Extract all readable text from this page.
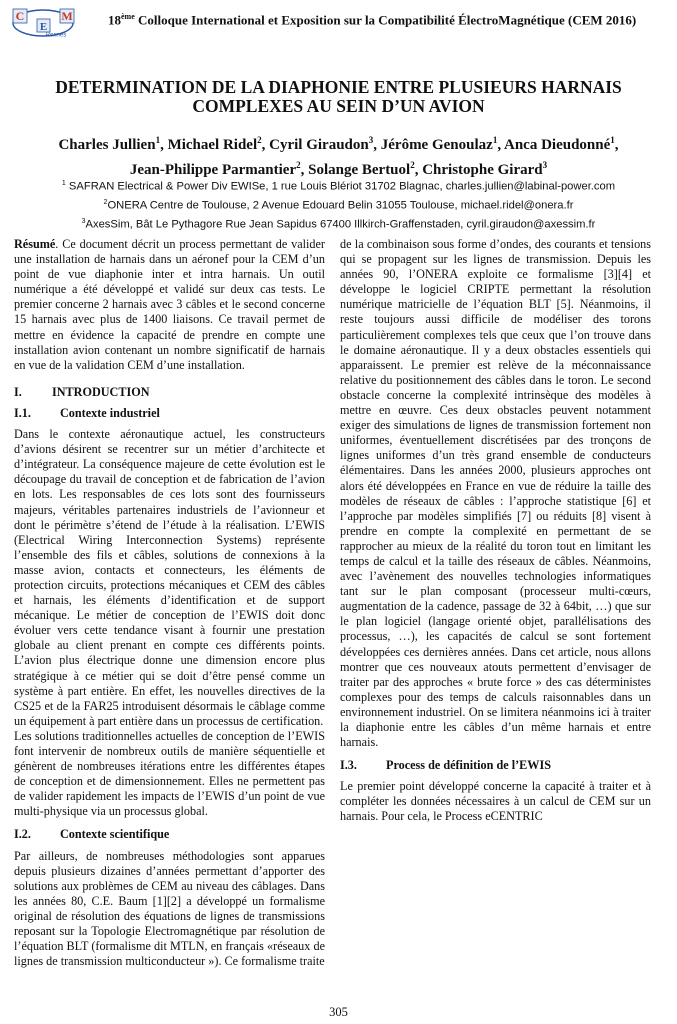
C
E
M
Rennes
18ème Colloque International et Exposition sur la Compatibilité ÉlectroMagnétique (CEM 2016)
DETERMINATION DE LA DIAPHONIE ENTRE PLUSIEURS HARNAIS
COMPLEXES AU SEIN D’UN AVION
Charles Jullien$^1$, Michael Ridel$^2$, Cyril Giraudon$^3$, Jérôme Genoulaz$^1$, Anca Dieudonné$^1$,
Jean-Philippe Parmantier$^2$, Solange Bertuol$^2$, Christophe Girard$^3$
$^1$ SAFRAN Electrical & Power Div EWISe, 1 rue Louis Blériot 31702 Blagnac, charles.jullien@labinal-power.com
$^2$ONERA Centre de Toulouse, 2 Avenue Edouard Belin 31055 Toulouse, michael.ridel@onera.fr
$^3$AxesSim, Bât Le Pythagore Rue Jean Sapidus 67400 Illkirch-Graffenstaden, cyril.giraudon@axessim.fr

Résumé. Ce document décrit un process permettant de valider une installation de harnais dans un aéronef pour la CEM d’un point de vue diaphonie inter et intra harnais. Un outil numérique a été développé et validé sur deux cas tests. Le premier concerne 2 harnais avec 3 câbles et le second concerne 15 harnais avec plus de 1400 liaisons. Ce travail permet de mettre en évidence la capacité de prendre en compte une installation avion contenant un nombre significatif de harnais en vue de la validation CEM d’une installation.

I. INTRODUCTION
I.1. Contexte industriel

Dans le contexte aéronautique actuel, les constructeurs d’avions désirent se recentrer sur un métier d’architecte et d’intégrateur. La conséquence majeure de cette évolution est le découpage du travail de conception et de fabrication de l’avion en lots. Les responsables de ces lots sont des fournisseurs majeurs, véritables partenaires industriels de l’avionneur et dont le périmètre s’étend de l’étude à la réalisation. L’EWIS (Electrical Wiring Interconnection Systems) représente l’ensemble des fils et câbles, solutions de connexions à la masse avion, contacts et connecteurs, les éléments de protection circuits, protections mécaniques et CEM des câbles et harnais, les éléments d’identification et de support mécanique. Le métier de conception de l’EWIS doit donc évoluer vers cette tendance visant à fournir une prestation globale au client prenant en compte ces différents points. L’avion plus électrique donne une dimension encore plus stratégique à ce métier qui se doit d’être pensé comme un système à part entière. En effet, les nouvelles directives de la CS25 et de la FAR25 introduisent désormais le câblage comme un équipement à part entière dans un processus de certification.

Les solutions traditionnelles actuelles de conception de l’EWIS font intervenir de nombreux outils de manière séquentielle et génèrent de nombreuses itérations entre les différentes étapes de conception et de dimensionnement. Elles ne permettent pas de valider rapidement les impacts de l’EWIS d’un point de vue multi-physique via un processus global.

I.2. Contexte scientifique

Par ailleurs, de nombreuses méthodologies sont apparues depuis plusieurs dizaines d’années permettant d’apporter des solutions aux problèmes de CEM au niveau des câblages. Dans les années 80, C.E. Baum [1][2] a développé un formalisme original de résolution des équations de lignes de transmissions reposant sur la Topologie Electromagnétique par résolution de l’équation BLT (formalisme dit MTLN, en français «réseaux de lignes de transmission multiconducteur »). Ce formalisme traite

de la combinaison sous forme d’ondes, des courants et tensions qui se propagent sur les lignes de transmission. Depuis les années 90, l’ONERA exploite ce formalisme [3][4] et développe le logiciel CRIPTE permettant la résolution numérique matricielle de l’équation BLT [5]. Néanmoins, il reste toujours aussi difficile de modéliser des torons particulièrement complexes tels que ceux que l’on trouve dans le domaine aéronautique. Il y a deux obstacles essentiels qui apparaissent. Le premier est relève de la méconnaissance relative du positionnement des câbles dans le toron. Le second obstacle concerne la complexité intrinsèque des modèles à mettre en œuvre. Ces deux obstacles peuvent notamment exiger des simulations de lignes de transmission fortement non uniformes, éventuellement discrétisées par des tronçons de lignes uniformes d’un très grand ensemble de conducteurs élémentaires. Dans les années 2000, plusieurs approches ont alors été développées en France en vue de réduire la taille des modèles de réseaux de câbles : l’approche statistique [6] et l’approche par modèles simplifiés [7] ou réduits [8] visent à prendre en compte la complexité en permettant de se rapprocher au mieux de la réalité du toron tout en limitant les temps de calcul et la taille des réseaux de câbles. Néanmoins, avec l’avènement des nouvelles technologies informatiques tant sur le plan composant (processeur multi-cœurs, augmentation de la cadence, passage de 32 à 64bit, …) que sur le plan logiciel (langage orienté objet, parallélisations des processus, …), les capacités de calcul se sont fortement développées ces dernières années. Dans cet article, nous allons montrer que ces nouveaux atouts permettent d’envisager de traiter par des approches « brute force » des cas déterministes complexes pour des temps de calculs raisonnables dans un environnement industriel. On se limitera néanmoins ici à traiter la diaphonie entre les câbles d’un même harnais et entre harnais.

I.3. Process de définition de l’EWIS

Le premier point développé concerne la capacité à traiter et à compléter les données nécessaires à un calcul de CEM sur un harnais. Pour cela, le Process eCENTRIC

305
